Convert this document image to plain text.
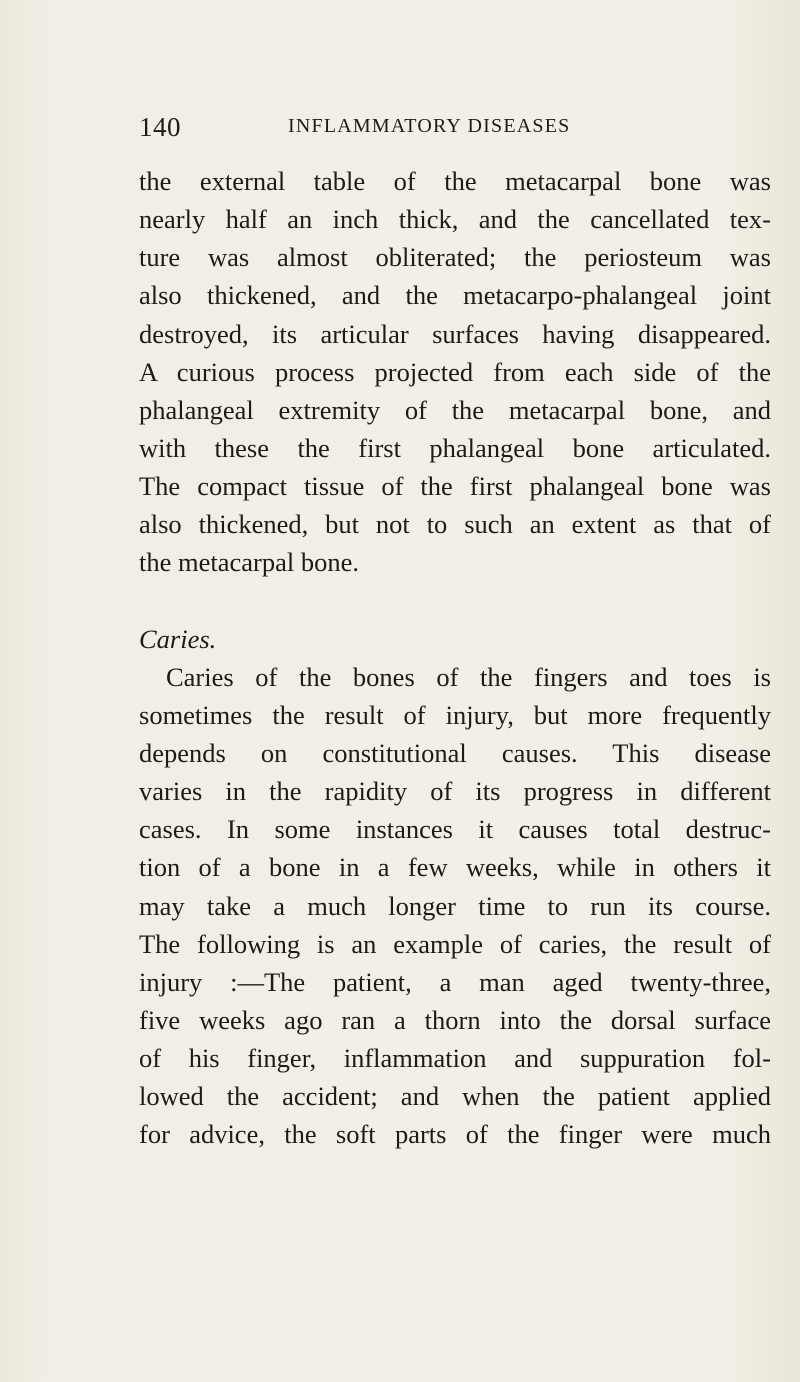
140	INFLAMMATORY DISEASES
the external table of the metacarpal bone was
nearly half an inch thick, and the cancellated tex-
ture was almost obliterated; the periosteum was
also thickened, and the metacarpo-phalangeal joint
destroyed, its articular surfaces having disappeared.
A curious process projected from each side of the
phalangeal extremity of the metacarpal bone, and
with these the first phalangeal bone articulated.
The compact tissue of the first phalangeal bone was
also thickened, but not to such an extent as that of
the metacarpal bone.
Caries.
Caries of the bones of the fingers and toes is
sometimes the result of injury, but more frequently
depends on constitutional causes. This disease
varies in the rapidity of its progress in different
cases. In some instances it causes total destruc-
tion of a bone in a few weeks, while in others it
may take a much longer time to run its course.
The following is an example of caries, the result of
injury :—The patient, a man aged twenty-three,
five weeks ago ran a thorn into the dorsal surface
of his finger, inflammation and suppuration fol-
lowed the accident; and when the patient applied
for advice, the soft parts of the finger were much
